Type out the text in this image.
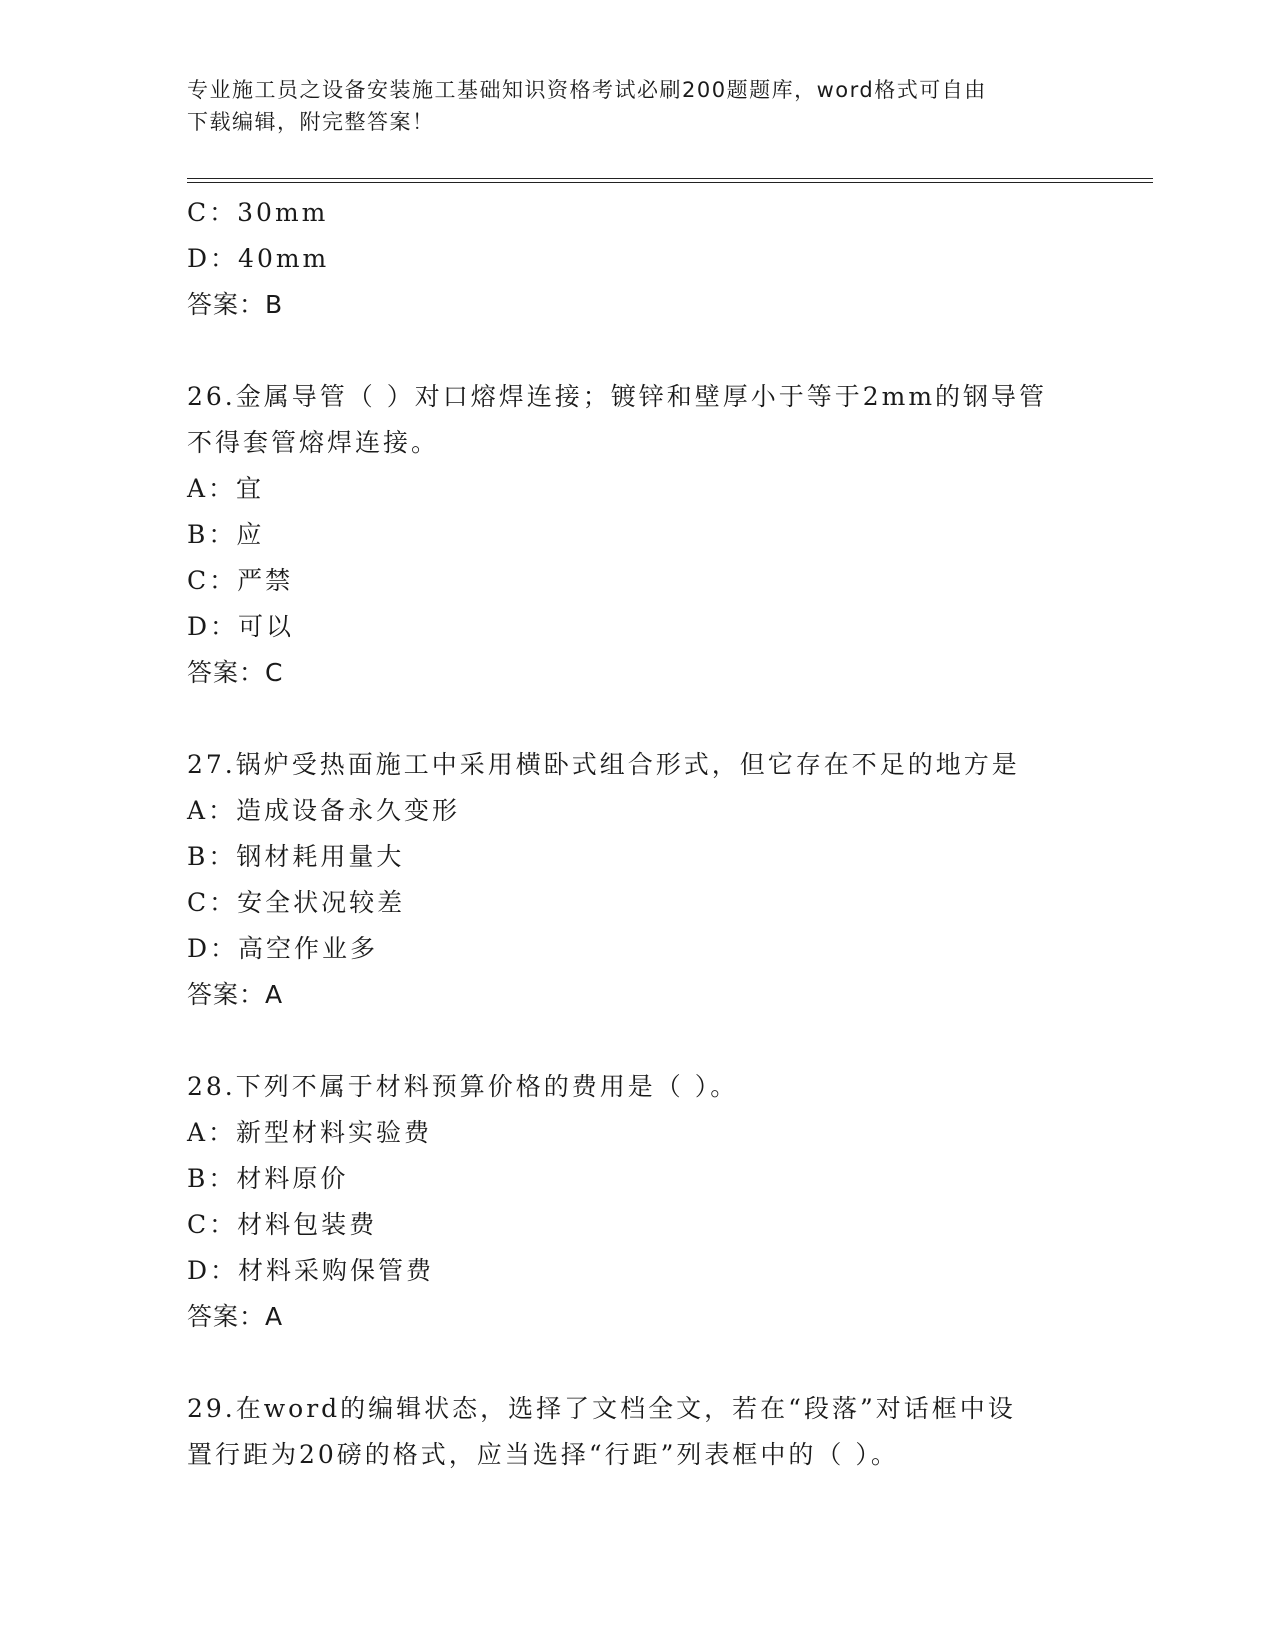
专业施工员之设备安装施工基础知识资格考试必刷200题题库，word格式可自由
下载编辑，附完整答案！
C：30mm
D：40mm
答案：B
26.金属导管（ ）对口熔焊连接；镀锌和壁厚小于等于2mm的钢导管
不得套管熔焊连接。
A：宜
B：应
C：严禁
D：可以
答案：C
27.锅炉受热面施工中采用横卧式组合形式，但它存在不足的地方是
A：造成设备永久变形
B：钢材耗用量大
C：安全状况较差
D：高空作业多
答案：A
28.下列不属于材料预算价格的费用是（ ）。
A：新型材料实验费
B：材料原价
C：材料包装费
D：材料采购保管费
答案：A
29.在word的编辑状态，选择了文档全文，若在“段落”对话框中设
置行距为20磅的格式，应当选择“行距”列表框中的（ ）。
